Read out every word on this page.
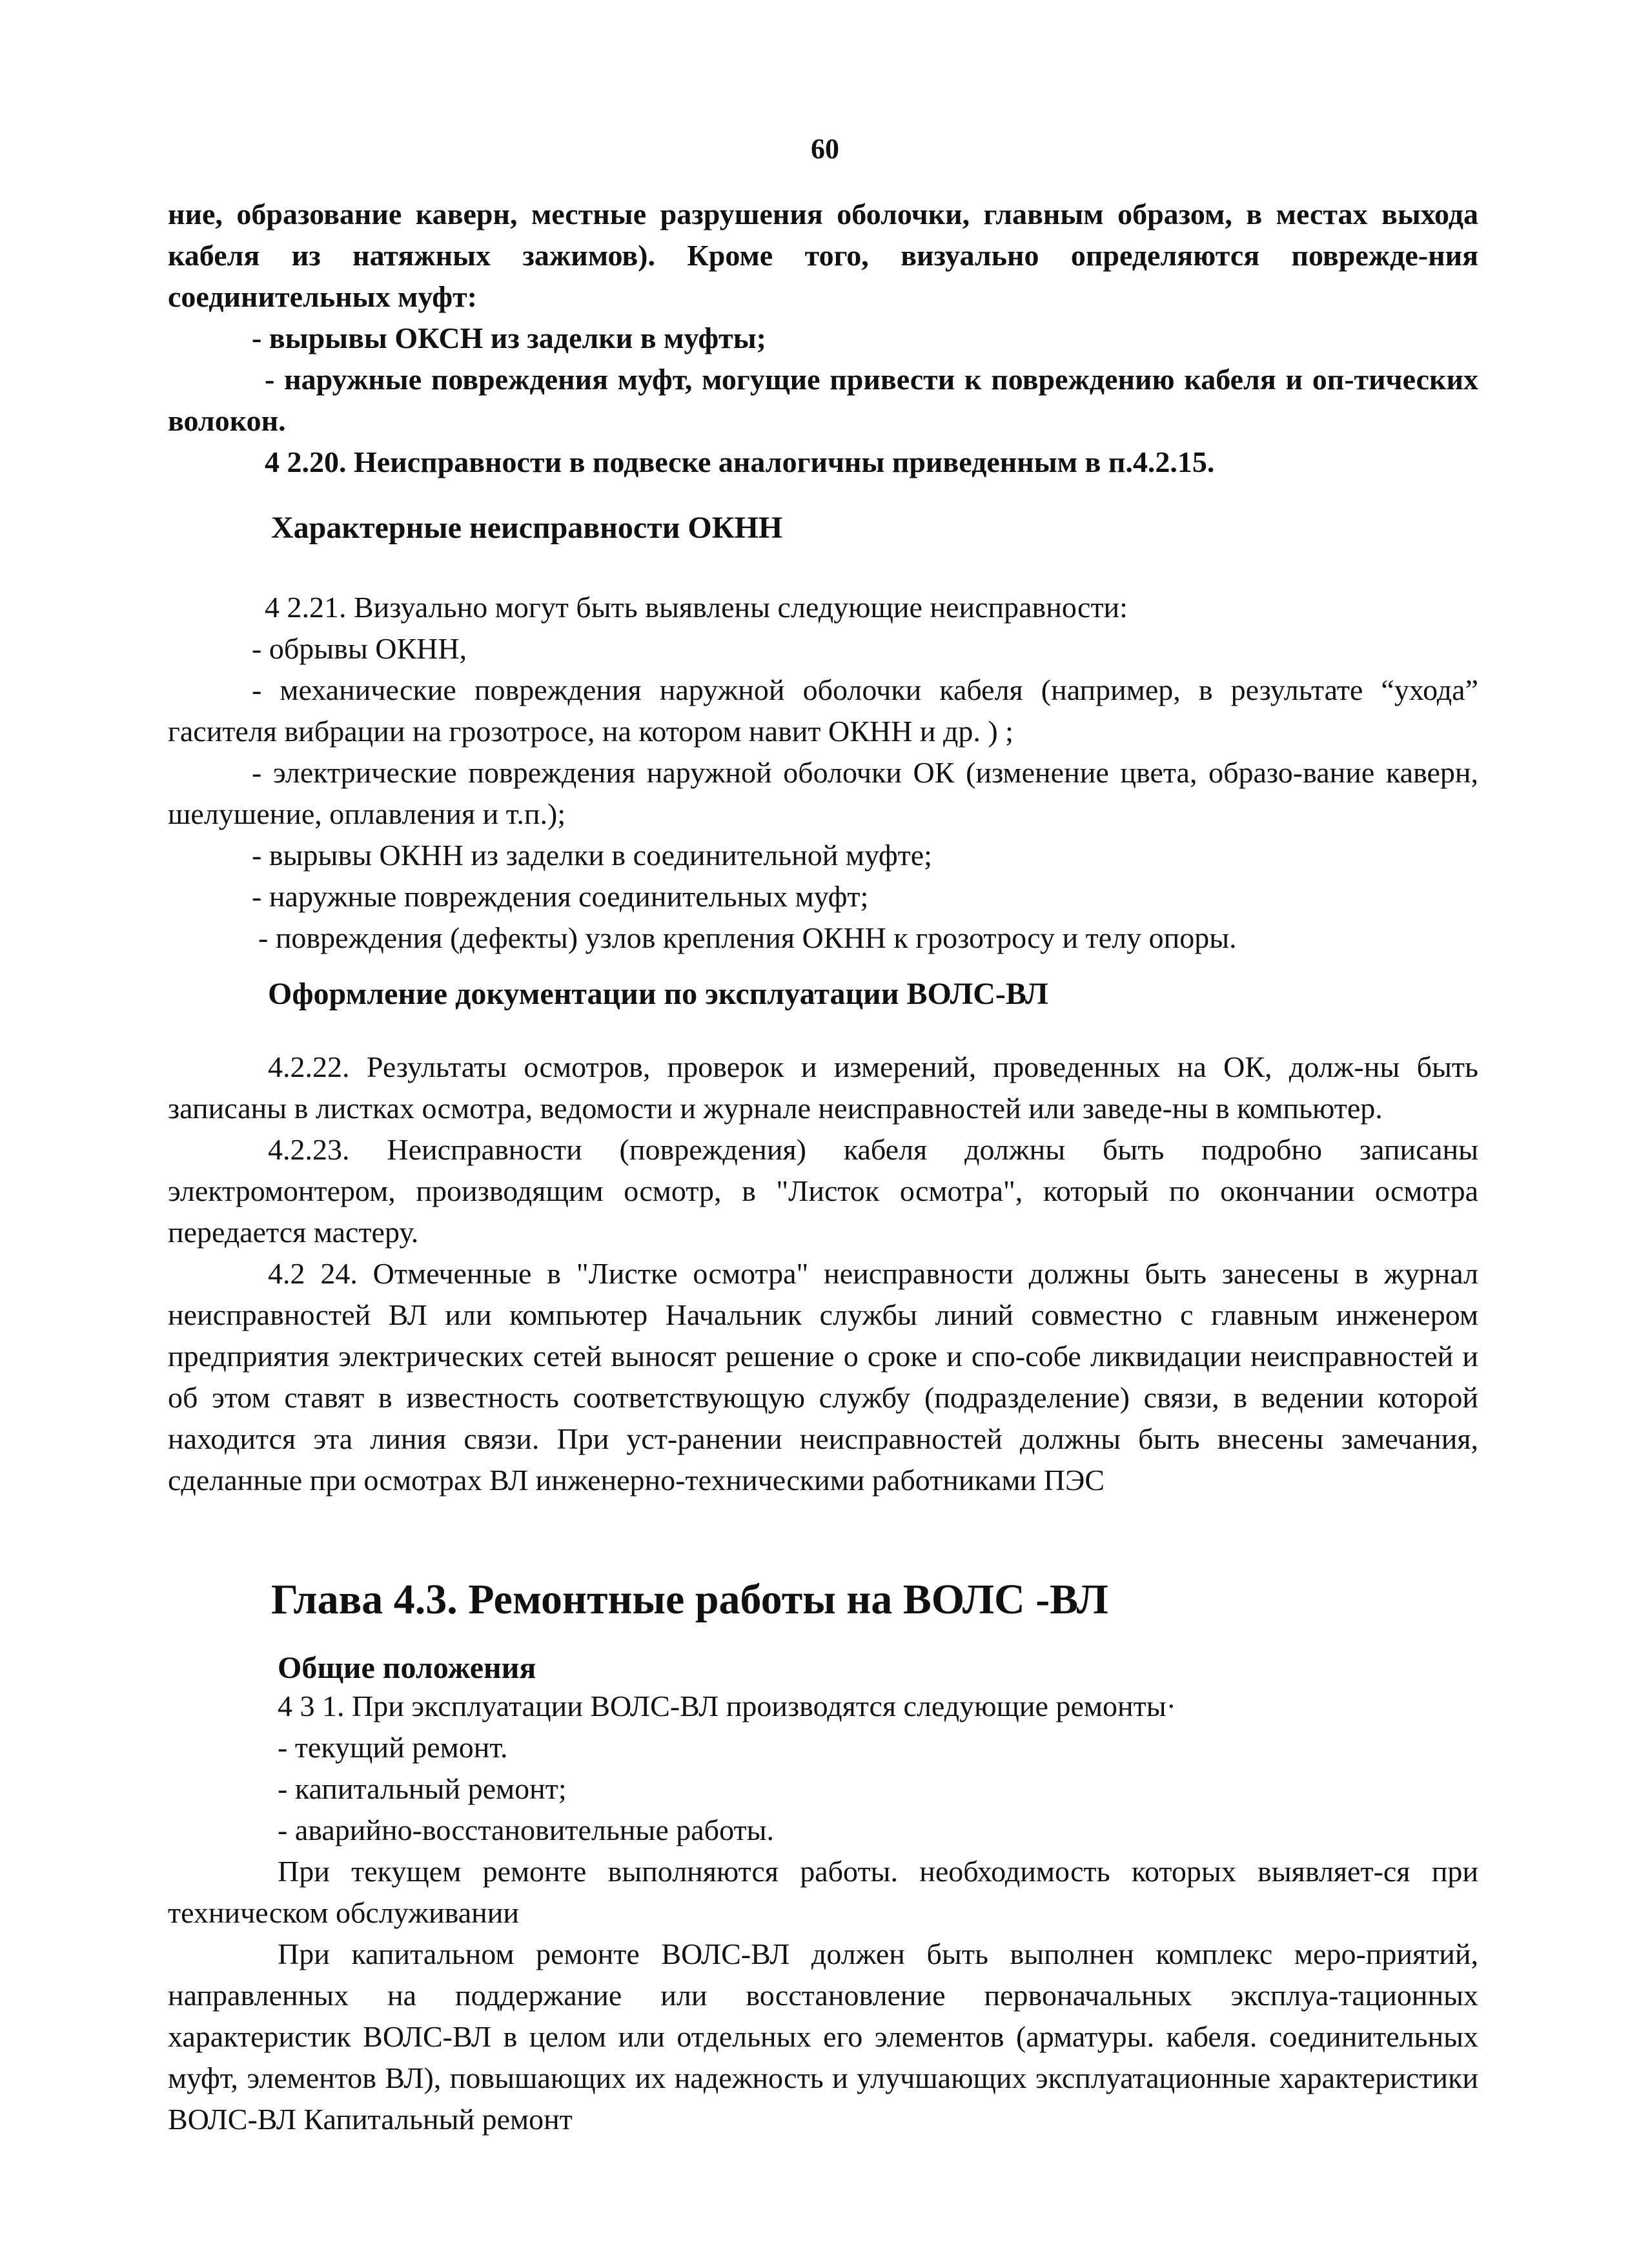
60

ние, образование каверн, местные разрушения оболочки, главным образом, в местах выхода кабеля из натяжных зажимов). Кроме того, визуально определяются поврежде-ния соединительных муфт:

- вырывы ОКСН из заделки в муфты;

- наружные повреждения муфт, могущие привести к повреждению кабеля и оп-тических волокон.

4 2.20. Неисправности в подвеске аналогичны приведенным в п.4.2.15.

Характерные неисправности ОКНН

4 2.21. Визуально могут быть выявлены следующие неисправности:

- обрывы ОКНН,

- механические повреждения наружной оболочки кабеля (например, в результате “ухода” гасителя вибрации на грозотросе, на котором навит ОКНН и др. ) ;

- электрические повреждения наружной оболочки ОК (изменение цвета, образо-вание каверн, шелушение, оплавления и т.п.);

- вырывы ОКНН из заделки в соединительной муфте;

- наружные повреждения соединительных муфт;

- повреждения (дефекты) узлов крепления ОКНН к грозотросу и телу опоры.

Оформление документации по эксплуатации ВОЛС-ВЛ

4.2.22. Результаты осмотров, проверок и измерений, проведенных на ОК, долж-ны быть записаны в листках осмотра, ведомости и журнале неисправностей или заведе-ны в компьютер.

4.2.23. Неисправности (повреждения) кабеля должны быть подробно записаны электромонтером, производящим осмотр, в "Листок осмотра", который по окончании осмотра передается мастеру.

4.2 24. Отмеченные в "Листке осмотра" неисправности должны быть занесены в журнал неисправностей ВЛ или компьютер Начальник службы линий совместно с главным инженером предприятия электрических сетей выносят решение о сроке и спо-собе ликвидации неисправностей и об этом ставят в известность соответствующую службу (подразделение) связи, в ведении которой находится эта линия связи. При уст-ранении неисправностей должны быть внесены замечания, сделанные при осмотрах ВЛ инженерно-техническими работниками ПЭС

Глава 4.3. Ремонтные работы на ВОЛС -ВЛ

Общие положения

4 3 1. При эксплуатации ВОЛС-ВЛ производятся следующие ремонты·

- текущий ремонт.

- капитальный ремонт;

- аварийно-восстановительные работы.

При текущем ремонте выполняются работы. необходимость которых выявляет-ся при техническом обслуживании

При капитальном ремонте ВОЛС-ВЛ должен быть выполнен комплекс меро-приятий, направленных на поддержание или восстановление первоначальных эксплуа-тационных характеристик ВОЛС-ВЛ в целом или отдельных его элементов (арматуры. кабеля. соединительных муфт, элементов ВЛ), повышающих их надежность и улучшающих эксплуатационные характеристики ВОЛС-ВЛ Капитальный ремонт
